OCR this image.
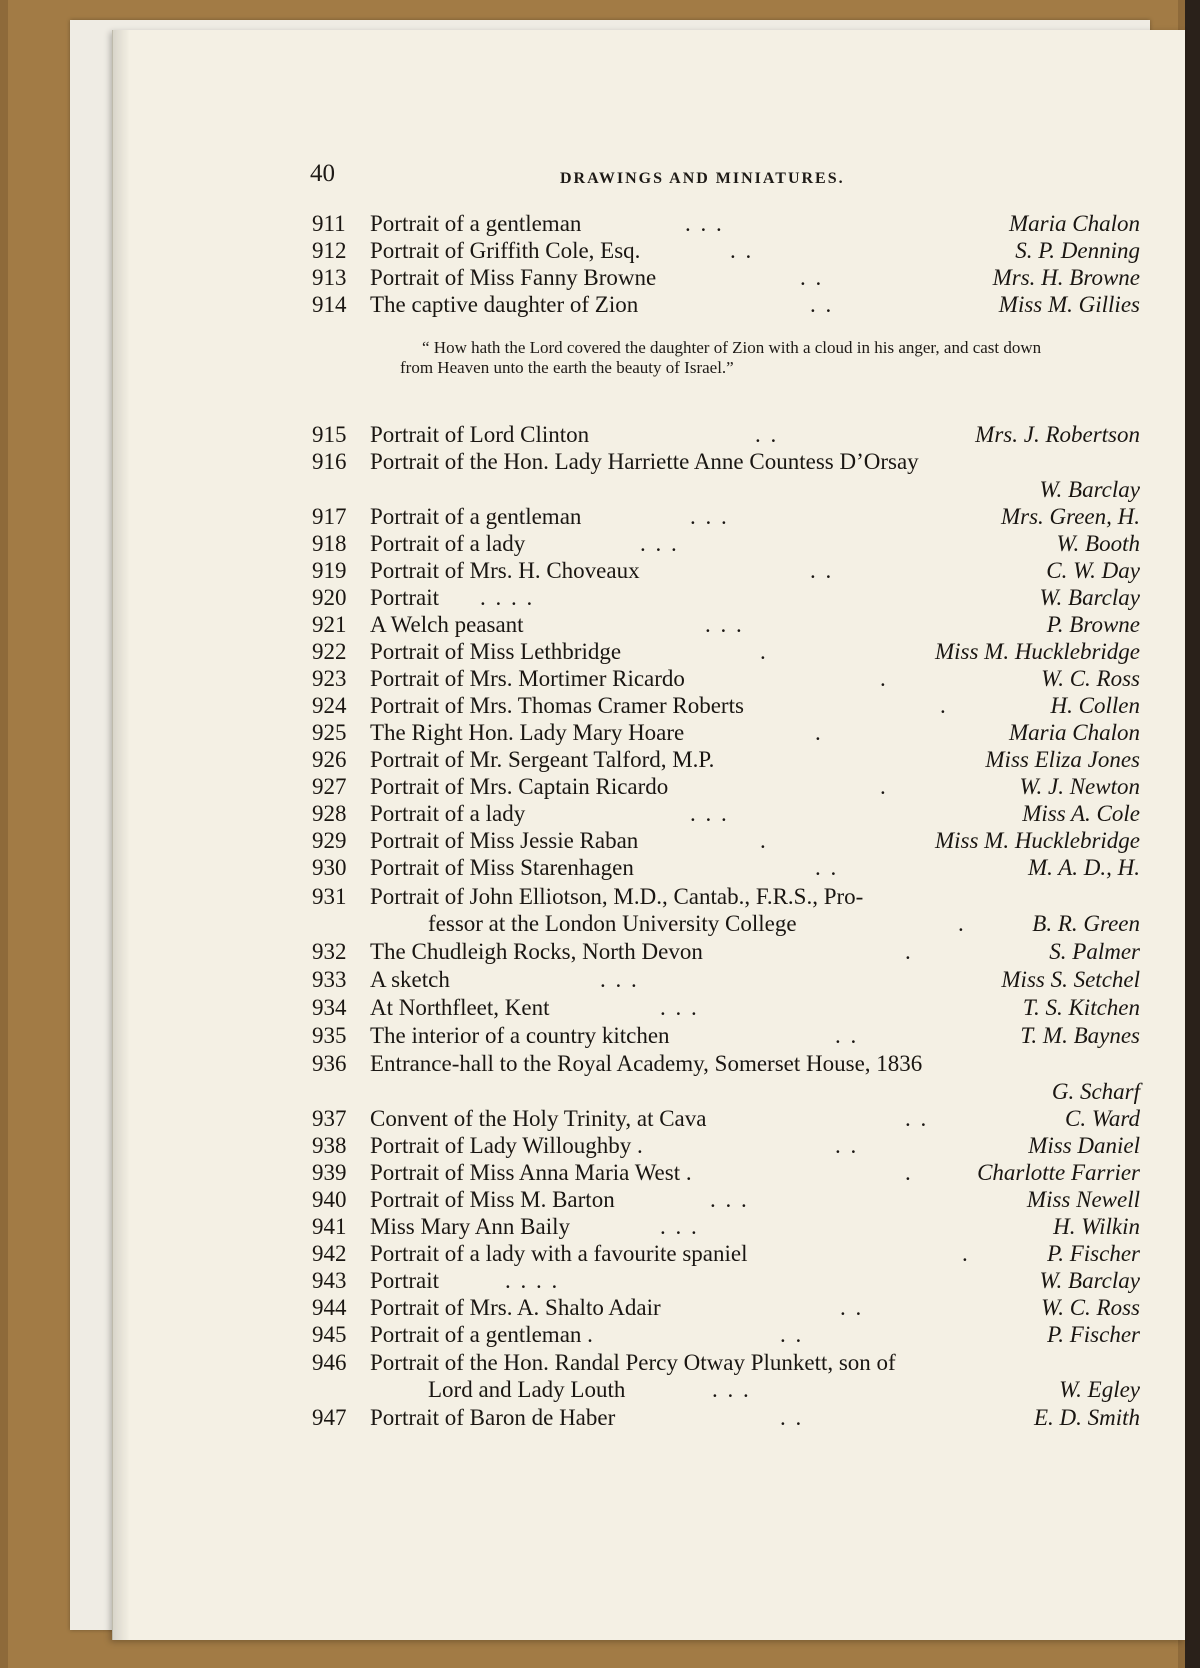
40	DRAWINGS AND MINIATURES.
911 Portrait of a gentleman	. . .	Maria Chalon
912 Portrait of Griffith Cole, Esq.	. .	S. P. Denning
913 Portrait of Miss Fanny Browne	. .	Mrs. H. Browne
914 The captive daughter of Zion	. .	Miss M. Gillies
“ How hath the Lord covered the daughter of Zion with a cloud in his anger, and cast down from Heaven unto the earth the beauty of Israel.”
915 Portrait of Lord Clinton	. .	Mrs. J. Robertson
916 Portrait of the Hon. Lady Harriette Anne Countess D’Orsay
W. Barclay
917 Portrait of a gentleman	. . .	Mrs. Green, H.
918 Portrait of a lady	. . .	W. Booth
919 Portrait of Mrs. H. Choveaux	. .	C. W. Day
920 Portrait . . . .	W. Barclay
921 A Welch peasant	. . .	P. Browne
922 Portrait of Miss Lethbridge	.	Miss M. Hucklebridge
923 Portrait of Mrs. Mortimer Ricardo	.	W. C. Ross
924 Portrait of Mrs. Thomas Cramer Roberts	.	H. Collen
925 The Right Hon. Lady Mary Hoare	.	Maria Chalon
926 Portrait of Mr. Sergeant Talford, M.P.	Miss Eliza Jones
927 Portrait of Mrs. Captain Ricardo	.	W. J. Newton
928 Portrait of a lady	. . .	Miss A. Cole
929 Portrait of Miss Jessie Raban	.	Miss M. Hucklebridge
930 Portrait of Miss Starenhagen	. .	M. A. D., H.
931 Portrait of John Elliotson, M.D., Cantab., F.R.S., Pro-
fessor at the London University College	.	B. R. Green
932 The Chudleigh Rocks, North Devon	.	S. Palmer
933 A sketch	. . .	Miss S. Setchel
934 At Northfleet, Kent	. . .	T. S. Kitchen
935 The interior of a country kitchen	. .	T. M. Baynes
936 Entrance-hall to the Royal Academy, Somerset House, 1836
G. Scharf
937 Convent of the Holy Trinity, at Cava	. .	C. Ward
938 Portrait of Lady Willoughby .	. .	Miss Daniel
939 Portrait of Miss Anna Maria West .	.	Charlotte Farrier
940 Portrait of Miss M. Barton	. . .	Miss Newell
941 Miss Mary Ann Baily	. . .	H. Wilkin
942 Portrait of a lady with a favourite spaniel	.	P. Fischer
943 Portrait	. . . .	W. Barclay
944 Portrait of Mrs. A. Shalto Adair	. .	W. C. Ross
945 Portrait of a gentleman .	. .	P. Fischer
946 Portrait of the Hon. Randal Percy Otway Plunkett, son of
Lord and Lady Louth	. . .	W. Egley
947 Portrait of Baron de Haber	. .	E. D. Smith
